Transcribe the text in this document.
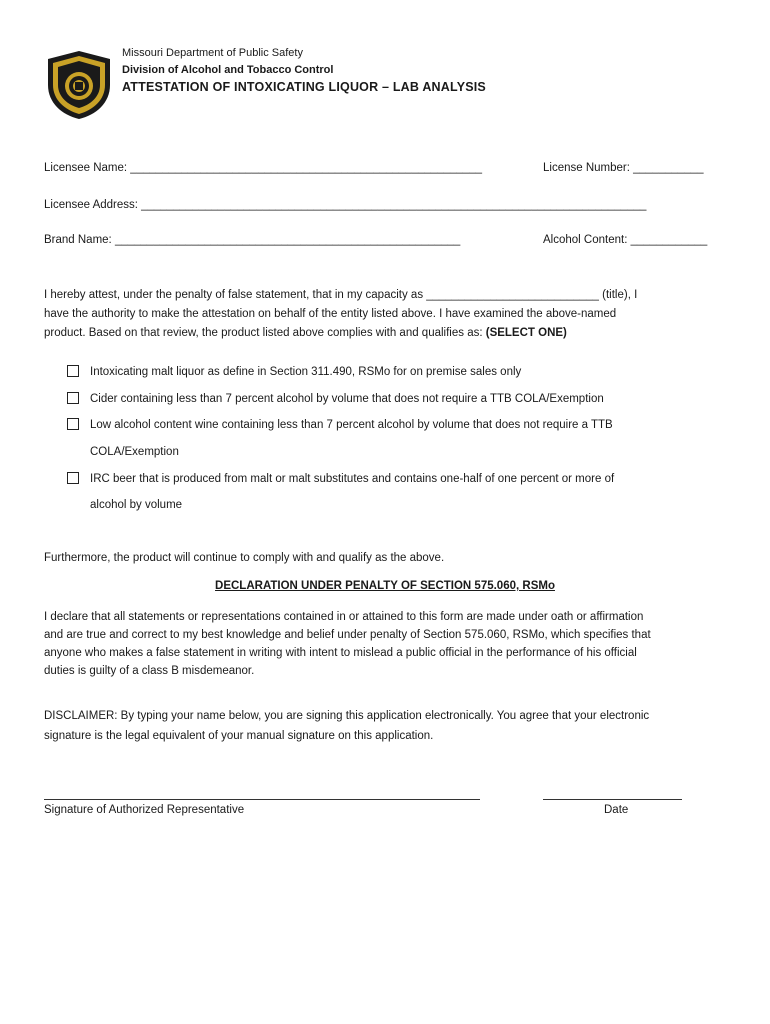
Missouri Department of Public Safety
Division of Alcohol and Tobacco Control
ATTESTATION OF INTOXICATING LIQUOR – LAB ANALYSIS
Licensee Name: _______________________________________________________	License Number: ___________
Licensee Address: _______________________________________________________________________________
Brand Name: ______________________________________________________	Alcohol Content: ____________
I hereby attest, under the penalty of false statement, that in my capacity as ___________________________ (title), I
have the authority to make the attestation on behalf of the entity listed above. I have examined the above-named
product. Based on that review, the product listed above complies with and qualifies as: (SELECT ONE)
Intoxicating malt liquor as define in Section 311.490, RSMo for on premise sales only
Cider containing less than 7 percent alcohol by volume that does not require a TTB COLA/Exemption
Low alcohol content wine containing less than 7 percent alcohol by volume that does not require a TTB
COLA/Exemption
IRC beer that is produced from malt or malt substitutes and contains one-half of one percent or more of
alcohol by volume
Furthermore, the product will continue to comply with and qualify as the above.
DECLARATION UNDER PENALTY OF SECTION 575.060, RSMo
I declare that all statements or representations contained in or attained to this form are made under oath or affirmation
and are true and correct to my best knowledge and belief under penalty of Section 575.060, RSMo, which specifies that
anyone who makes a false statement in writing with intent to mislead a public official in the performance of his official
duties is guilty of a class B misdemeanor.
DISCLAIMER: By typing your name below, you are signing this application electronically. You agree that your electronic
signature is the legal equivalent of your manual signature on this application.
Signature of Authorized Representative	Date
